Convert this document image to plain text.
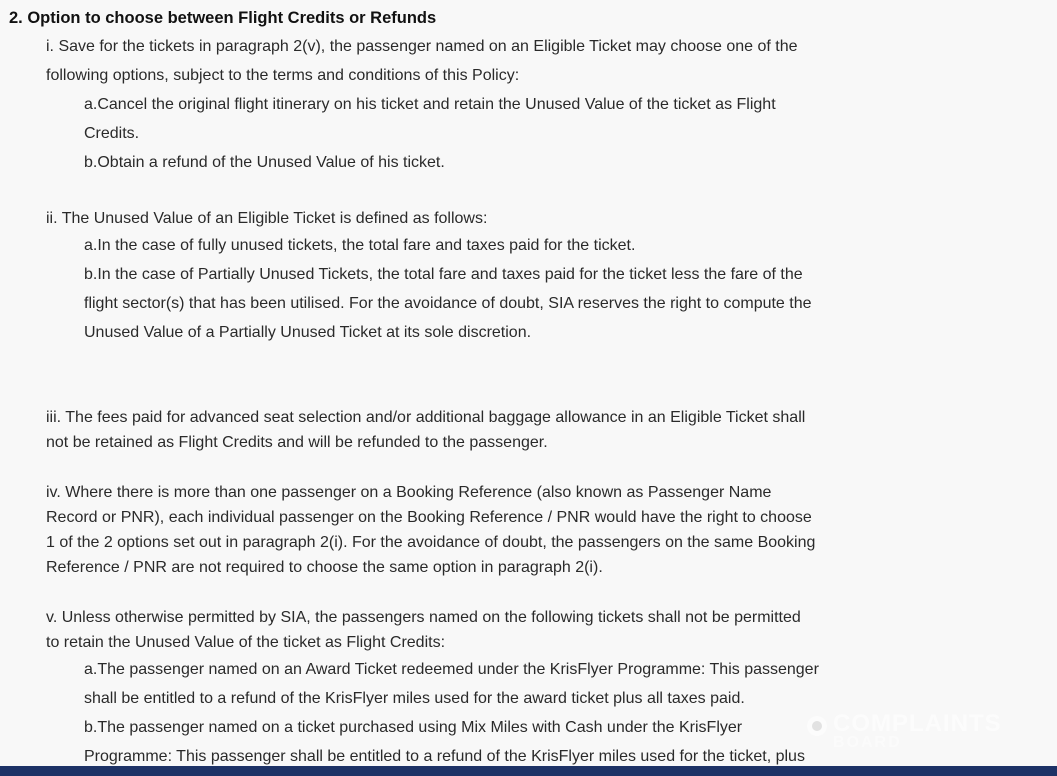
2. Option to choose between Flight Credits or Refunds
i. Save for the tickets in paragraph 2(v), the passenger named on an Eligible Ticket may choose one of the
following options, subject to the terms and conditions of this Policy:
a.Cancel the original flight itinerary on his ticket and retain the Unused Value of the ticket as Flight
Credits.
b.Obtain a refund of the Unused Value of his ticket.
ii. The Unused Value of an Eligible Ticket is defined as follows:
a.In the case of fully unused tickets, the total fare and taxes paid for the ticket.
b.In the case of Partially Unused Tickets, the total fare and taxes paid for the ticket less the fare of the
flight sector(s) that has been utilised. For the avoidance of doubt, SIA reserves the right to compute the
Unused Value of a Partially Unused Ticket at its sole discretion.
iii. The fees paid for advanced seat selection and/or additional baggage allowance in an Eligible Ticket shall
not be retained as Flight Credits and will be refunded to the passenger.
iv. Where there is more than one passenger on a Booking Reference (also known as Passenger Name
Record or PNR), each individual passenger on the Booking Reference / PNR would have the right to choose
1 of the 2 options set out in paragraph 2(i). For the avoidance of doubt, the passengers on the same Booking
Reference / PNR are not required to choose the same option in paragraph 2(i).
v. Unless otherwise permitted by SIA, the passengers named on the following tickets shall not be permitted
to retain the Unused Value of the ticket as Flight Credits:
a.The passenger named on an Award Ticket redeemed under the KrisFlyer Programme: This passenger
shall be entitled to a refund of the KrisFlyer miles used for the award ticket plus all taxes paid.
b.The passenger named on a ticket purchased using Mix Miles with Cash under the KrisFlyer
Programme: This passenger shall be entitled to a refund of the KrisFlyer miles used for the ticket, plus
COMPLAINTS
BOARD
